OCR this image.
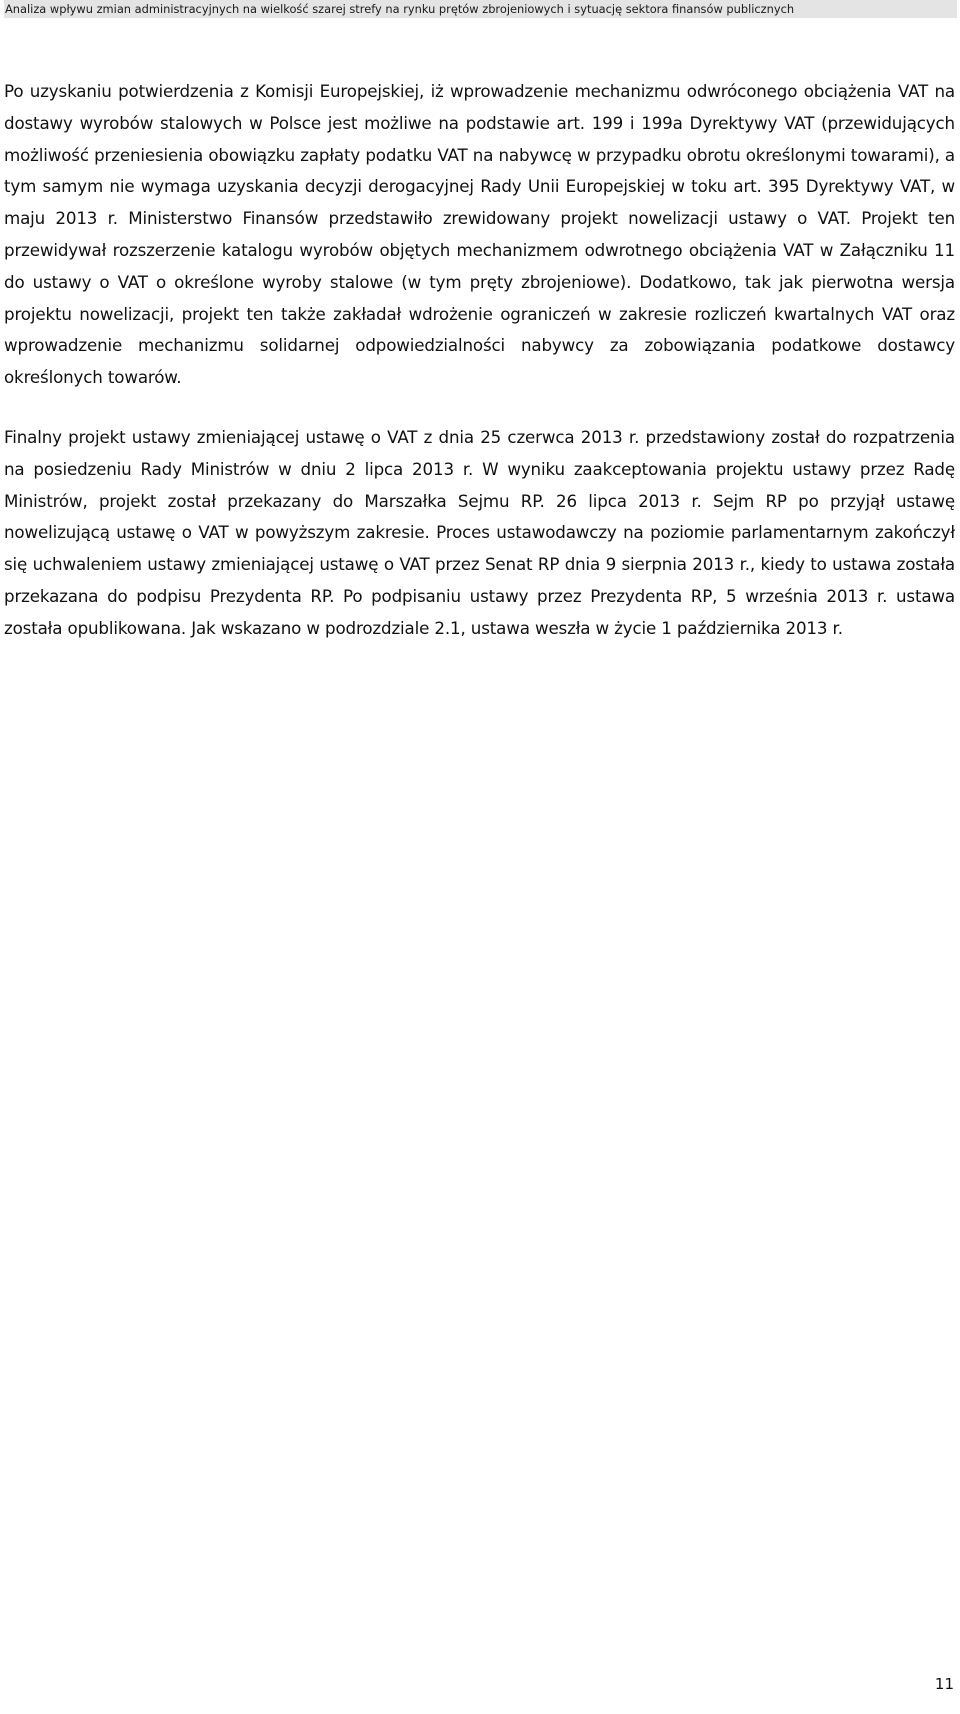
Analiza wpływu zmian administracyjnych na wielkość szarej strefy na rynku prętów zbrojeniowych i sytuację sektora finansów publicznych

Po uzyskaniu potwierdzenia z Komisji Europejskiej, iż wprowadzenie mechanizmu odwróconego obciążenia VAT na dostawy wyrobów stalowych w Polsce jest możliwe na podstawie art. 199 i 199a Dyrektywy VAT (przewidujących możliwość przeniesienia obowiązku zapłaty podatku VAT na nabywcę w przypadku obrotu określonymi towarami), a tym samym nie wymaga uzyskania decyzji derogacyjnej Rady Unii Europejskiej w toku art. 395 Dyrektywy VAT, w maju 2013 r. Ministerstwo Finansów przedstawiło zrewidowany projekt nowelizacji ustawy o VAT. Projekt ten przewidywał rozszerzenie katalogu wyrobów objętych mechanizmem odwrotnego obciążenia VAT w Załączniku 11 do ustawy o VAT o określone wyroby stalowe (w tym pręty zbrojeniowe). Dodatkowo, tak jak pierwotna wersja projektu nowelizacji, projekt ten także zakładał wdrożenie ograniczeń w zakresie rozliczeń kwartalnych VAT oraz wprowadzenie mechanizmu solidarnej odpowiedzialności nabywcy za zobowiązania podatkowe dostawcy określonych towarów.

Finalny projekt ustawy zmieniającej ustawę o VAT z dnia 25 czerwca 2013 r. przedstawiony został do rozpatrzenia na posiedzeniu Rady Ministrów w dniu 2 lipca 2013 r. W wyniku zaakceptowania projektu ustawy przez Radę Ministrów, projekt został przekazany do Marszałka Sejmu RP. 26 lipca 2013 r. Sejm RP po przyjął ustawę nowelizującą ustawę o VAT w powyższym zakresie. Proces ustawodawczy na poziomie parlamentarnym zakończył się uchwaleniem ustawy zmieniającej ustawę o VAT przez Senat RP dnia 9 sierpnia 2013 r., kiedy to ustawa została przekazana do podpisu Prezydenta RP. Po podpisaniu ustawy przez Prezydenta RP, 5 września 2013 r. ustawa została opublikowana. Jak wskazano w podrozdziale 2.1, ustawa weszła w życie 1 października 2013 r.

11
